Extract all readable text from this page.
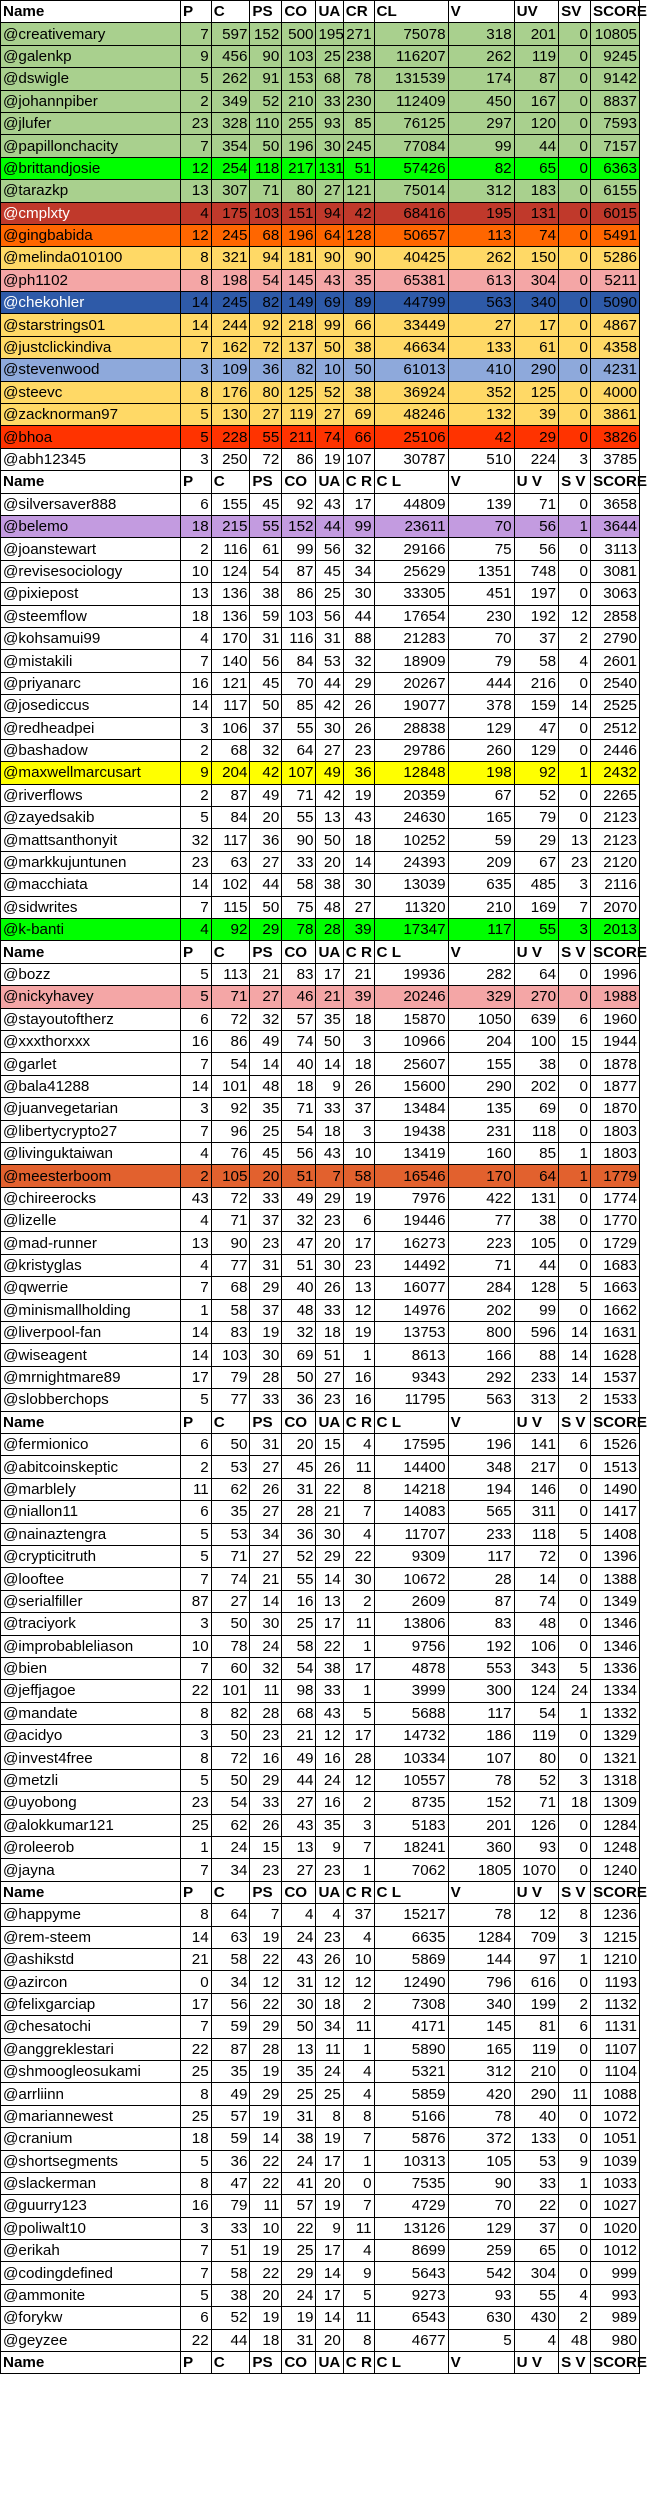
Name	P	C	PS	CO	UA	CR	CL	V	UV	SV	SCORE
@creativemary	7	597	152	500	195	271	75078	318	201	0	10805
@galenkp	9	456	90	103	25	238	116207	262	119	0	9245
@dswigle	5	262	91	153	68	78	131539	174	87	0	9142
@johannpiber	2	349	52	210	33	230	112409	450	167	0	8837
@jlufer	23	328	110	255	93	85	76125	297	120	0	7593
@papillonchacity	7	354	50	196	30	245	77084	99	44	0	7157
@brittandjosie	12	254	118	217	131	51	57426	82	65	0	6363
@tarazkp	13	307	71	80	27	121	75014	312	183	0	6155
@cmplxty	4	175	103	151	94	42	68416	195	131	0	6015
@gingbabida	12	245	68	196	64	128	50657	113	74	0	5491
@melinda010100	8	321	94	181	90	90	40425	262	150	0	5286
@ph1102	8	198	54	145	43	35	65381	613	304	0	5211
@chekohler	14	245	82	149	69	89	44799	563	340	0	5090
@starstrings01	14	244	92	218	99	66	33449	27	17	0	4867
@justclickindiva	7	162	72	137	50	38	46634	133	61	0	4358
@stevenwood	3	109	36	82	10	50	61013	410	290	0	4231
@steevc	8	176	80	125	52	38	36924	352	125	0	4000
@zacknorman97	5	130	27	119	27	69	48246	132	39	0	3861
@bhoa	5	228	55	211	74	66	25106	42	29	0	3826
@abh12345	3	250	72	86	19	107	30787	510	224	3	3785
Name	P	C	PS	CO	UA	C R	C L	V	U V	S V	SCORE
@silversaver888	6	155	45	92	43	17	44809	139	71	0	3658
@belemo	18	215	55	152	44	99	23611	70	56	1	3644
@joanstewart	2	116	61	99	56	32	29166	75	56	0	3113
@revisesociology	10	124	54	87	45	34	25629	1351	748	0	3081
@pixiepost	13	136	38	86	25	30	33305	451	197	0	3063
@steemflow	18	136	59	103	56	44	17654	230	192	12	2858
@kohsamui99	4	170	31	116	31	88	21283	70	37	2	2790
@mistakili	7	140	56	84	53	32	18909	79	58	4	2601
@priyanarc	16	121	45	70	44	29	20267	444	216	0	2540
@josediccus	14	117	50	85	42	26	19077	378	159	14	2525
@redheadpei	3	106	37	55	30	26	28838	129	47	0	2512
@bashadow	2	68	32	64	27	23	29786	260	129	0	2446
@maxwellmarcusart	9	204	42	107	49	36	12848	198	92	1	2432
@riverflows	2	87	49	71	42	19	20359	67	52	0	2265
@zayedsakib	5	84	20	55	13	43	24630	165	79	0	2123
@mattsanthonyit	32	117	36	90	50	18	10252	59	29	13	2123
@markkujuntunen	23	63	27	33	20	14	24393	209	67	23	2120
@macchiata	14	102	44	58	38	30	13039	635	485	3	2116
@sidwrites	7	115	50	75	48	27	11320	210	169	7	2070
@k-banti	4	92	29	78	28	39	17347	117	55	3	2013
Name	P	C	PS	CO	UA	C R	C L	V	U V	S V	SCORE
@bozz	5	113	21	83	17	21	19936	282	64	0	1996
@nickyhavey	5	71	27	46	21	39	20246	329	270	0	1988
@stayoutoftherz	6	72	32	57	35	18	15870	1050	639	6	1960
@xxxthorxxx	16	86	49	74	50	3	10966	204	100	15	1944
@garlet	7	54	14	40	14	18	25607	155	38	0	1878
@bala41288	14	101	48	18	9	26	15600	290	202	0	1877
@juanvegetarian	3	92	35	71	33	37	13484	135	69	0	1870
@libertycrypto27	7	96	25	54	18	3	19438	231	118	0	1803
@livinguktaiwan	4	76	45	56	43	10	13419	160	85	1	1803
@meesterboom	2	105	20	51	7	58	16546	170	64	1	1779
@chireerocks	43	72	33	49	29	19	7976	422	131	0	1774
@lizelle	4	71	37	32	23	6	19446	77	38	0	1770
@mad-runner	13	90	23	47	20	17	16273	223	105	0	1729
@kristyglas	4	77	31	51	30	23	14492	71	44	0	1683
@qwerrie	7	68	29	40	26	13	16077	284	128	5	1663
@minismallholding	1	58	37	48	33	12	14976	202	99	0	1662
@liverpool-fan	14	83	19	32	18	19	13753	800	596	14	1631
@wiseagent	14	103	30	69	51	1	8613	166	88	14	1628
@mrnightmare89	17	79	28	50	27	16	9343	292	233	14	1537
@slobberchops	5	77	33	36	23	16	11795	563	313	2	1533
Name	P	C	PS	CO	UA	C R	C L	V	U V	S V	SCORE
@fermionico	6	50	31	20	15	4	17595	196	141	6	1526
@abitcoinskeptic	2	53	27	45	26	11	14400	348	217	0	1513
@marblely	11	62	26	31	22	8	14218	194	146	0	1490
@niallon11	6	35	27	28	21	7	14083	565	311	0	1417
@nainaztengra	5	53	34	36	30	4	11707	233	118	5	1408
@crypticitruth	5	71	27	52	29	22	9309	117	72	0	1396
@looftee	7	74	21	55	14	30	10672	28	14	0	1388
@serialfiller	87	27	14	16	13	2	2609	87	74	0	1349
@traciyork	3	50	30	25	17	11	13806	83	48	0	1346
@improbableliason	10	78	24	58	22	1	9756	192	106	0	1346
@bien	7	60	32	54	38	17	4878	553	343	5	1336
@jeffjagoe	22	101	11	98	33	1	3999	300	124	24	1334
@mandate	8	82	28	68	43	5	5688	117	54	1	1332
@acidyo	3	50	23	21	12	17	14732	186	119	0	1329
@invest4free	8	72	16	49	16	28	10334	107	80	0	1321
@metzli	5	50	29	44	24	12	10557	78	52	3	1318
@uyobong	23	54	33	27	16	2	8735	152	71	18	1309
@alokkumar121	25	62	26	43	35	3	5183	201	126	0	1284
@roleerob	1	24	15	13	9	7	18241	360	93	0	1248
@jayna	7	34	23	27	23	1	7062	1805	1070	0	1240
Name	P	C	PS	CO	UA	C R	C L	V	U V	S V	SCORE
@happyme	8	64	7	4	4	37	15217	78	12	8	1236
@rem-steem	14	63	19	24	23	4	6635	1284	709	3	1215
@ashikstd	21	58	22	43	26	10	5869	144	97	1	1210
@azircon	0	34	12	31	12	12	12490	796	616	0	1193
@felixgarciap	17	56	22	30	18	2	7308	340	199	2	1132
@chesatochi	7	59	29	50	34	11	4171	145	81	6	1131
@anggreklestari	22	87	28	13	11	1	5890	165	119	0	1107
@shmoogleosukami	25	35	19	35	24	4	5321	312	210	0	1104
@arrliinn	8	49	29	25	25	4	5859	420	290	11	1088
@mariannewest	25	57	19	31	8	8	5166	78	40	0	1072
@cranium	18	59	14	38	19	7	5876	372	133	0	1051
@shortsegments	5	36	22	24	17	1	10313	105	53	9	1039
@slackerman	8	47	22	41	20	0	7535	90	33	1	1033
@guurry123	16	79	11	57	19	7	4729	70	22	0	1027
@poliwalt10	3	33	10	22	9	11	13126	129	37	0	1020
@erikah	7	51	19	25	17	4	8699	259	65	0	1012
@codingdefined	7	58	22	29	14	9	5643	542	304	0	999
@ammonite	5	38	20	24	17	5	9273	93	55	4	993
@forykw	6	52	19	19	14	11	6543	630	430	2	989
@geyzee	22	44	18	31	20	8	4677	5	4	48	980
Name	P	C	PS	CO	UA	C R	C L	V	U V	S V	SCORE
